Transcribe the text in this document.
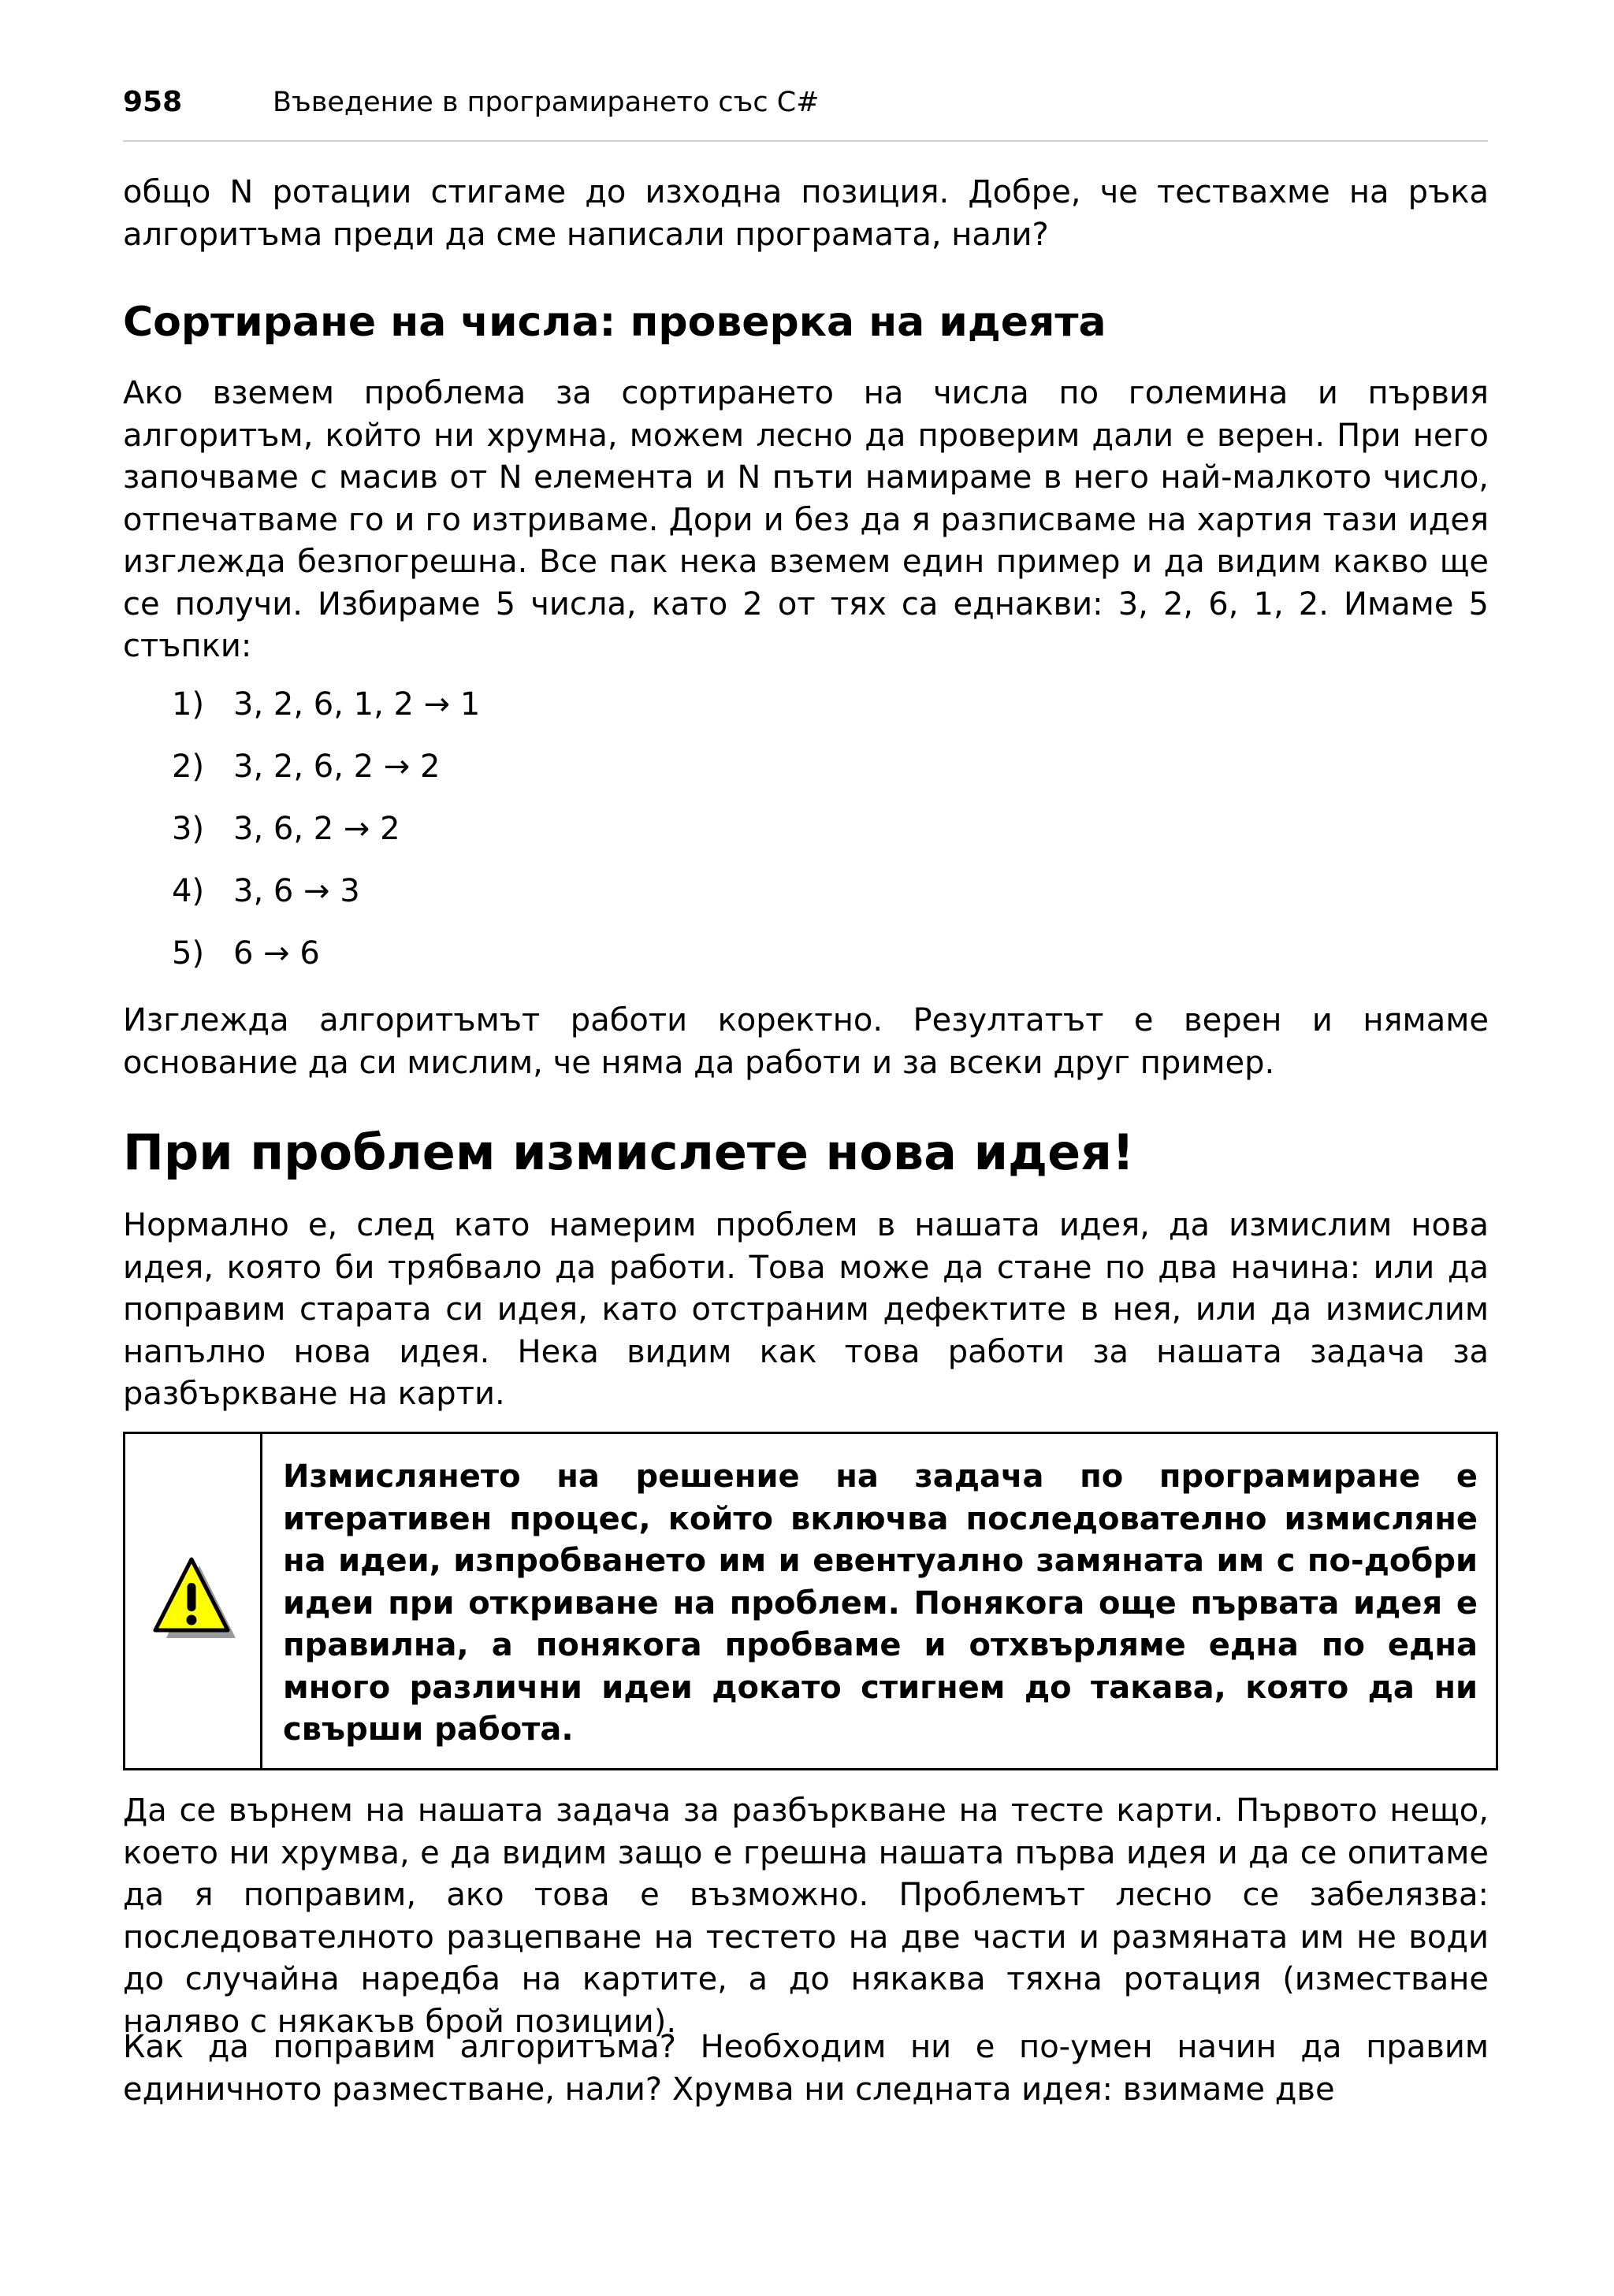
958	Въведение в програмирането със C#

общо N ротации стигаме до изходна позиция. Добре, че тествахме на ръка алгоритъма преди да сме написали програмата, нали?

Сортиране на числа: проверка на идеята

Ако вземем проблема за сортирането на числа по големина и първия алгоритъм, който ни хрумна, можем лесно да проверим дали е верен. При него започваме с масив от N елемента и N пъти намираме в него най-малкото число, отпечатваме го и го изтриваме. Дори и без да я разписваме на хартия тази идея изглежда безпогрешна. Все пак нека вземем един пример и да видим какво ще се получи. Избираме 5 числа, като 2 от тях са еднакви: 3, 2, 6, 1, 2. Имаме 5 стъпки:

1) 3, 2, 6, 1, 2 → 1
2) 3, 2, 6, 2 → 2
3) 3, 6, 2 → 2
4) 3, 6 → 3
5) 6 → 6

Изглежда алгоритъмът работи коректно. Резултатът е верен и нямаме основание да си мислим, че няма да работи и за всеки друг пример.

При проблем измислете нова идея!

Нормално е, след като намерим проблем в нашата идея, да измислим нова идея, която би трябвало да работи. Това може да стане по два начина: или да поправим старата си идея, като отстраним дефектите в нея, или да измислим напълно нова идея. Нека видим как това работи за нашата задача за разбъркване на карти.

Измислянето на решение на задача по програмиране е итеративен процес, който включва последователно измисляне на идеи, изпробването им и евентуално замяната им с по-добри идеи при откриване на проблем. Понякога още първата идея е правилна, а понякога пробваме и отхвърляме една по една много различни идеи докато стигнем до такава, която да ни свърши работа.

Да се върнем на нашата задача за разбъркване на тесте карти. Първото нещо, което ни хрумва, е да видим защо е грешна нашата първа идея и да се опитаме да я поправим, ако това е възможно. Проблемът лесно се забелязва: последователното разцепване на тестето на две части и размяната им не води до случайна наредба на картите, а до някаква тяхна ротация (изместване наляво с някакъв брой позиции).

Как да поправим алгоритъма? Необходим ни е по-умен начин да правим единичното разместване, нали? Хрумва ни следната идея: взимаме две
